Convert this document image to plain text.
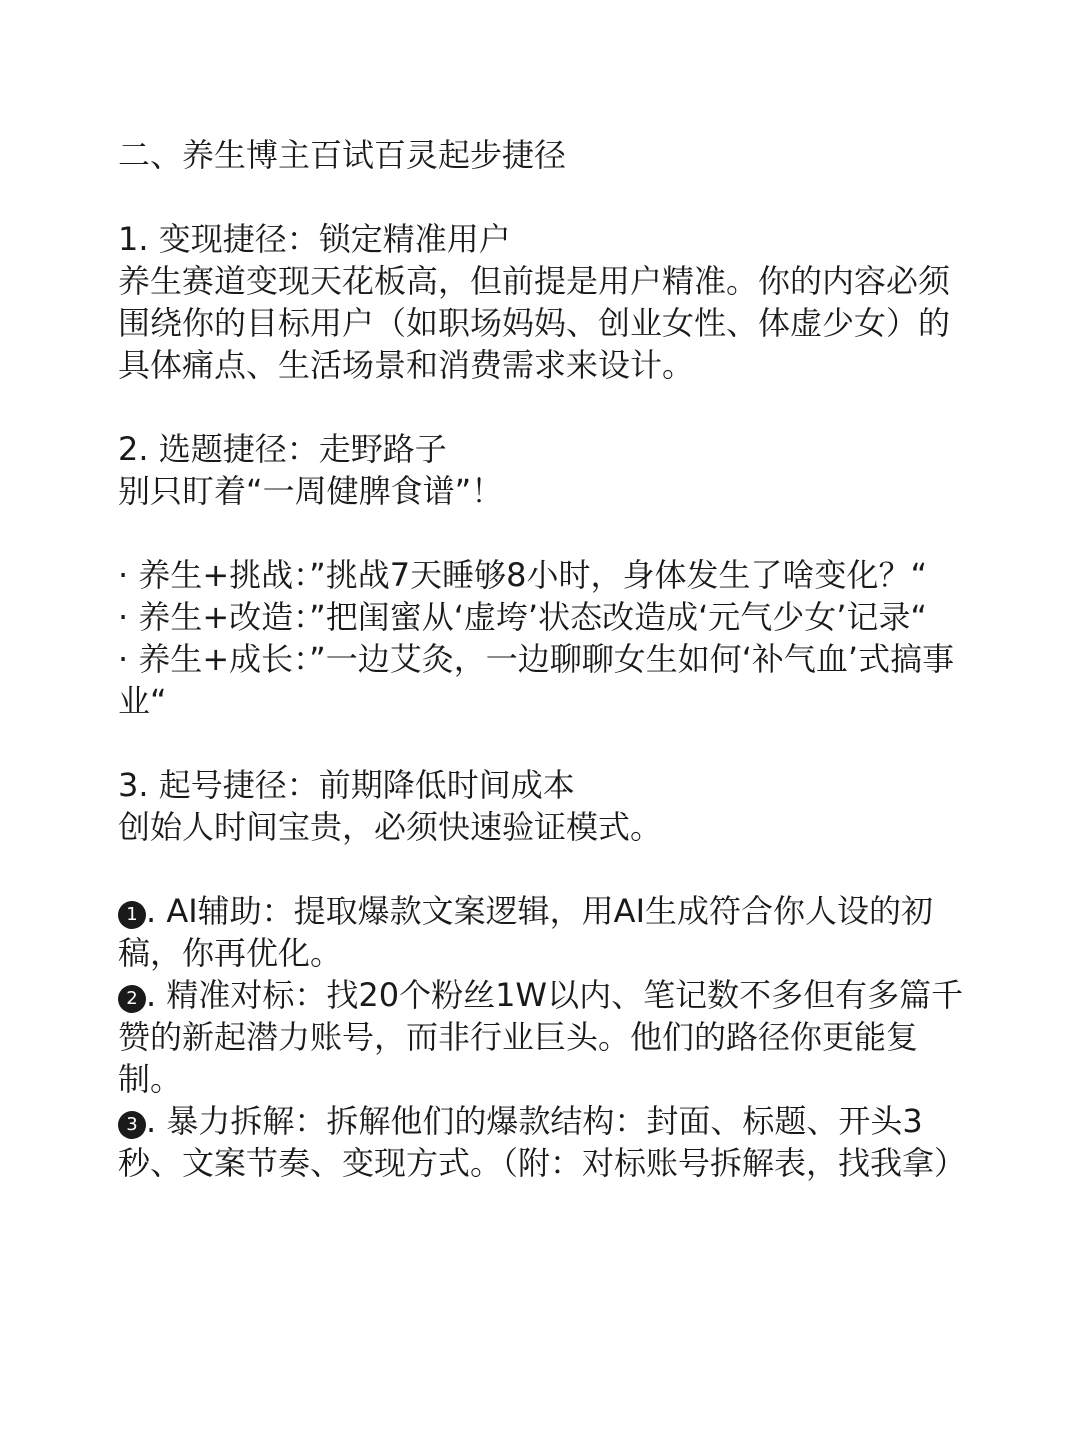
二、养生博主百试百灵起步捷径

1. 变现捷径：锁定精准用户

养生赛道变现天花板高，但前提是用户精准。你的内容必须围绕你的目标用户（如职场妈妈、创业女性、体虚少女）的具体痛点、生活场景和消费需求来设计。

2. 选题捷径：走野路子

别只盯着“一周健脾食谱”！

· 养生+挑战：”挑战7天睡够8小时，身体发生了啥变化？“

· 养生+改造：”把闺蜜从‘虚垮’状态改造成‘元气少女’记录“

· 养生+成长：”一边艾灸，一边聊聊女生如何‘补气血’式搞事业“

3. 起号捷径：前期降低时间成本

创始人时间宝贵，必须快速验证模式。

1 . AI辅助：提取爆款文案逻辑，用AI生成符合你人设的初稿，你再优化。

2 . 精准对标：找20个粉丝1W以内、笔记数不多但有多篇千赞的新起潜力账号，而非行业巨头。他们的路径你更能复制。

3 . 暴力拆解：拆解他们的爆款结构：封面、标题、开头3秒、文案节奏、变现方式。（附：对标账号拆解表，找我拿）
